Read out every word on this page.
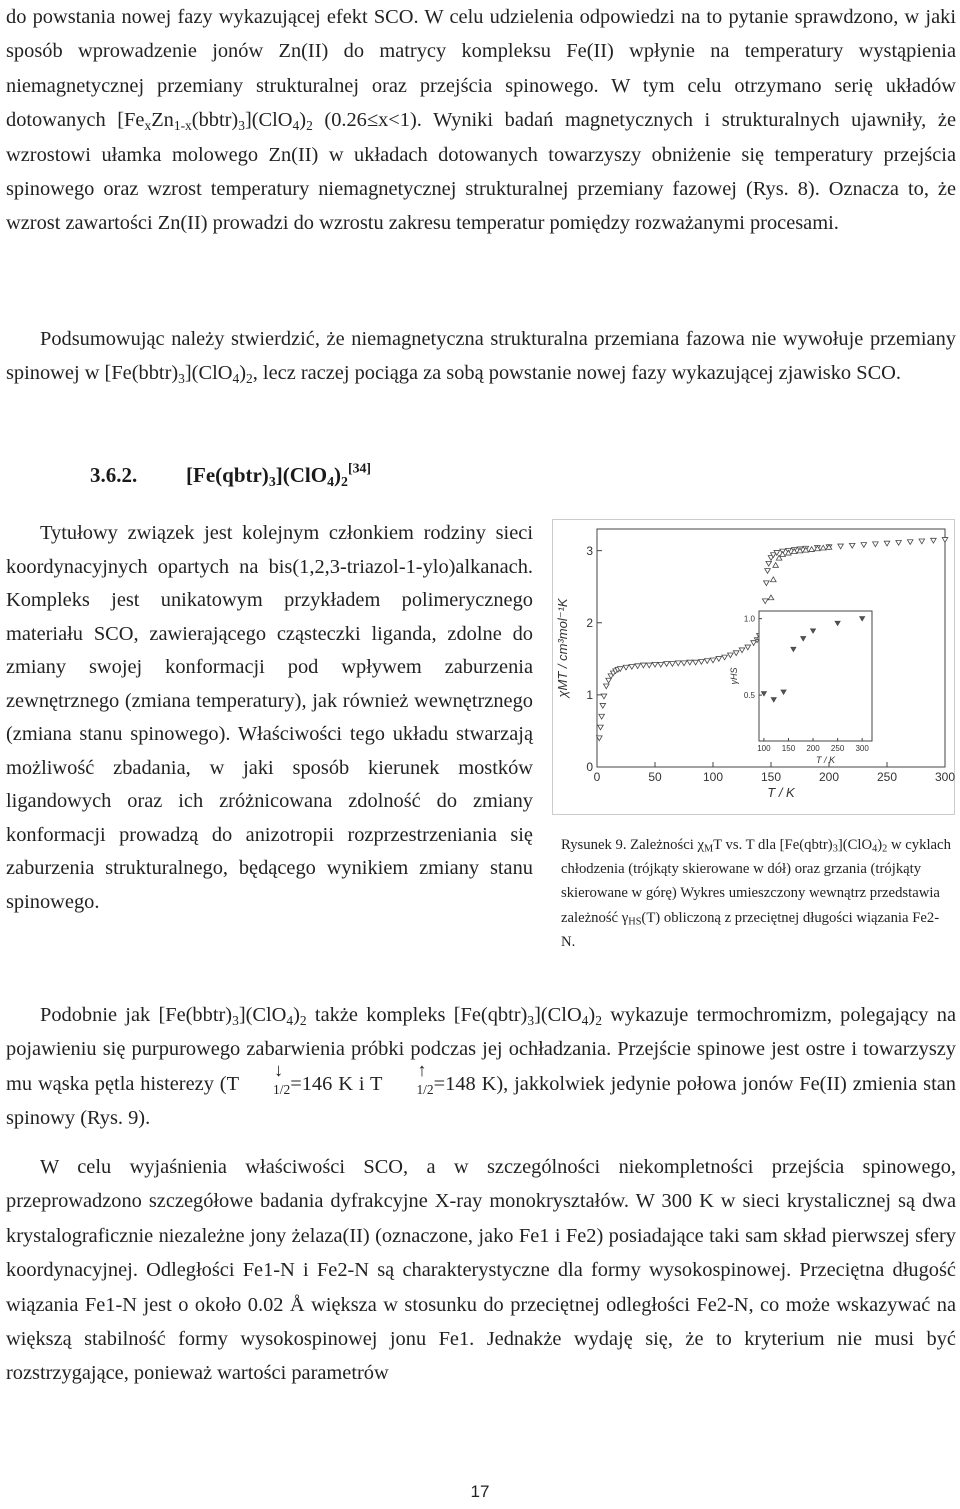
do powstania nowej fazy wykazującej efekt SCO. W celu udzielenia odpowiedzi na to pytanie sprawdzono, w jaki sposób wprowadzenie jonów Zn(II) do matrycy kompleksu Fe(II) wpłynie na temperatury wystąpienia niemagnetycznej przemiany strukturalnej oraz przejścia spinowego. W tym celu otrzymano serię układów dotowanych $[Fe_xZn_{1-x}(bbtr)_3](ClO_4)_2$ (0.26≤x<1). Wyniki badań magnetycznych i strukturalnych ujawniły, że wzrostowi ułamka molowego Zn(II) w układach dotowanych towarzyszy obniżenie się temperatury przejścia spinowego oraz wzrost temperatury niemagnetycznej strukturalnej przemiany fazowej (Rys. 8). Oznacza to, że wzrost zawartości Zn(II) prowadzi do wzrostu zakresu temperatur pomiędzy rozważanymi procesami.

Podsumowując należy stwierdzić, że niemagnetyczna strukturalna przemiana fazowa nie wywołuje przemiany spinowej w $[Fe(bbtr)_3](ClO_4)_2$, lecz raczej pociąga za sobą powstanie nowej fazy wykazującej zjawisko SCO.

3.6.2. $[Fe(qbtr)_3](ClO_4)_2[34]$

Tytułowy związek jest kolejnym członkiem rodziny sieci koordynacyjnych opartych na bis(1,2,3-triazol-1-ylo)alkanach. Kompleks jest unikatowym przykładem polimerycznego materiału SCO, zawierającego cząsteczki liganda, zdolne do zmiany swojej konformacji pod wpływem zaburzenia zewnętrznego (zmiana temperatury), jak również wewnętrznego (zmiana stanu spinowego). Właściwości tego układu stwarzają możliwość zbadania, w jaki sposób kierunek mostków ligandowych oraz ich zróżnicowana zdolność do zmiany konformacji prowadzą do anizotropii rozprzestrzeniania się zaburzenia strukturalnego, będącego wynikiem zmiany stanu spinowego.

0	50	100	150	200	250	300
0
1
2
3
T / K
χMT / cm³mol⁻¹K
100 150 200 250 300
0.5
1.0
T / K
γHS

Rysunek 9. Zależności $\chi_MT$ vs. T dla $[Fe(qbtr)_3](ClO_4)_2$ w cyklach chłodzenia (trójkąty skierowane w dół) oraz grzania (trójkąty skierowane w górę) Wykres umieszczony wewnątrz przedstawia zależność $\gamma_{HS}(T)$ obliczoną z przeciętnej długości wiązania Fe2-N.

Podobnie jak $[Fe(bbtr)_3](ClO_4)_2$ także kompleks $[Fe(qbtr)_3](ClO_4)_2$ wykazuje termochromizm, polegający na pojawieniu się purpurowego zabarwienia próbki podczas jej ochładzania. Przejście spinowe jest ostre i towarzyszy mu wąska pętla histerezy (T	$_{1/2}$
↓
=146 K i T	$_{1/2}$
↑
=148 K), jakkolwiek jedynie połowa jonów Fe(II) zmienia stan spinowy (Rys. 9).

W celu wyjaśnienia właściwości SCO, a w szczególności niekompletności przejścia spinowego, przeprowadzono szczegółowe badania dyfrakcyjne X-ray monokryształów. W 300 K w sieci krystalicznej są dwa krystalograficznie niezależne jony żelaza(II) (oznaczone, jako Fe1 i Fe2) posiadające taki sam skład pierwszej sfery koordynacyjnej. Odległości Fe1-N i Fe2-N są charakterystyczne dla formy wysokospinowej. Przeciętna długość wiązania Fe1-N jest o około 0.02 Å większa w stosunku do przeciętnej odległości Fe2-N, co może wskazywać na większą stabilność formy wysokospinowej jonu Fe1. Jednakże wydaję się, że to kryterium nie musi być rozstrzygające, ponieważ wartości parametrów

17
